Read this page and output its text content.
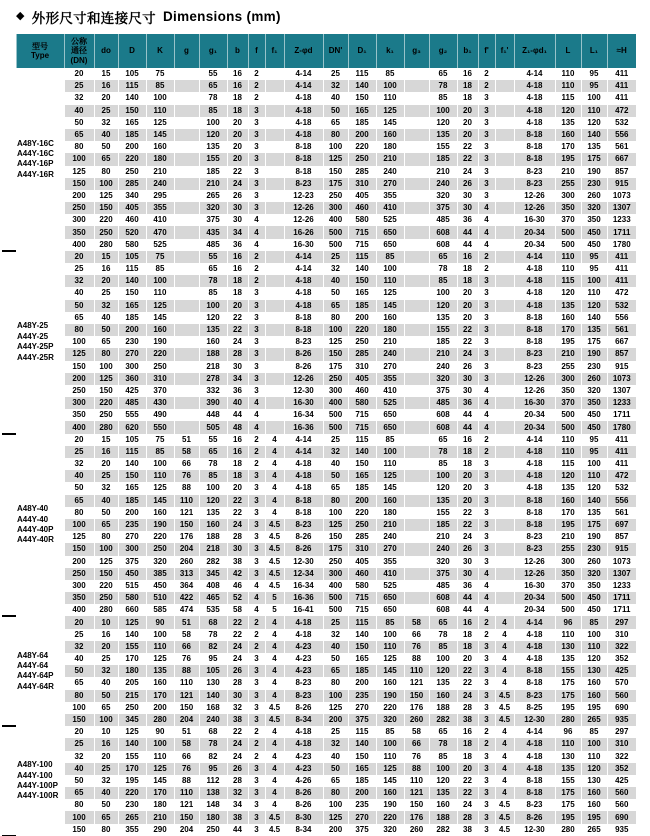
◆ 外形尺寸和连接尺寸 Dimensions (mm)

型号
Type

公称
通径
(DN)

do	D	K	g	g₁	b	f	f₁	Z-φd	DN'	D₁	k₁	g₃	g₂	b₁	f'	f₁'	Z₁-φd₁	L	L₁	≈H

	A48Y-16C
A44Y-16C
A44Y-16P
A44Y-16R	20	15	105	75		55	16	2		4-14	25	115	85		65	16	2		4-14	110	95	411
		25	16	115	85		65	16	2		4-14	32	140	100		78	18	2		4-18	110	95	411
		32	20	140	100		78	18	2		4-18	40	150	110		85	18	3		4-18	115	100	411
		40	25	150	110		85	18	3		4-18	50	165	125		100	20	3		4-18	120	110	472
		50	32	165	125		100	20	3		4-18	65	185	145		120	20	3		4-18	135	120	532
		65	40	185	145		120	20	3		4-18	80	200	160		135	20	3		8-18	160	140	556
		80	50	200	160		135	20	3		8-18	100	220	180		155	22	3		8-18	170	135	561
		100	65	220	180		155	20	3		8-18	125	250	210		185	22	3		8-18	195	175	667
		125	80	250	210		185	22	3		8-18	150	285	240		210	24	3		8-23	210	190	857
		150	100	285	240		210	24	3		8-23	175	310	270		240	26	3		8-23	255	230	915
		200	125	340	295		265	26	3		12-23	250	405	355		320	30	3		12-26	300	260	1073
		250	150	405	355		320	30	3		12-26	300	460	410		375	30	4		12-26	350	320	1307
		300	220	460	410		375	30	4		12-26	400	580	525		485	36	4		16-30	370	350	1233
		350	250	520	470		435	34	4		16-26	500	715	650		608	44	4		20-34	500	450	1711
		400	280	580	525		485	36	4		16-30	500	715	650		608	44	4		20-34	500	450	1780

	A48Y-25
A44Y-25
A44Y-25P
A44Y-25R	20	15	105	75		55	16	2		4-14	25	115	85		65	16	2		4-14	110	95	411
		25	16	115	85		65	16	2		4-14	32	140	100		78	18	2		4-18	110	95	411
		32	20	140	100		78	18	2		4-18	40	150	110		85	18	3		4-18	115	100	411
		40	25	150	110		85	18	3		4-18	50	165	125		100	20	3		4-18	120	110	472
		50	32	165	125		100	20	3		4-18	65	185	145		120	20	3		4-18	135	120	532
		65	40	185	145		120	22	3		8-18	80	200	160		135	20	3		8-18	160	140	556
		80	50	200	160		135	22	3		8-18	100	220	180		155	22	3		8-18	170	135	561
		100	65	230	190		160	24	3		8-23	125	250	210		185	22	3		8-18	195	175	667
		125	80	270	220		188	28	3		8-26	150	285	240		210	24	3		8-23	210	190	857
		150	100	300	250		218	30	3		8-26	175	310	270		240	26	3		8-23	255	230	915
		200	125	360	310		278	34	3		12-26	250	405	355		320	30	3		12-26	300	260	1073
		250	150	425	370		332	36	3		12-30	300	460	410		375	30	4		12-26	350	320	1307
		300	220	485	430		390	40	4		16-30	400	580	525		485	36	4		16-30	370	350	1233
		350	250	555	490		448	44	4		16-34	500	715	650		608	44	4		20-34	500	450	1711
		400	280	620	550		505	48	4		16-36	500	715	650		608	44	4		20-34	500	450	1780

	A48Y-40
A44Y-40
A44Y-40P
A44Y-40R	20	15	105	75	51	55	16	2	4	4-14	25	115	85		65	16	2		4-14	110	95	411
		25	16	115	85	58	65	16	2	4	4-14	32	140	100		78	18	2		4-18	110	95	411
		32	20	140	100	66	78	18	2	4	4-18	40	150	110		85	18	3		4-18	115	100	411
		40	25	150	110	76	85	18	3	4	4-18	50	165	125		100	20	3		4-18	120	110	472
		50	32	165	125	88	100	20	3	4	4-18	65	185	145		120	20	3		4-18	135	120	532
		65	40	185	145	110	120	22	3	4	8-18	80	200	160		135	20	3		8-18	160	140	556
		80	50	200	160	121	135	22	3	4	8-18	100	220	180		155	22	3		8-18	170	135	561
		100	65	235	190	150	160	24	3	4.5	8-23	125	250	210		185	22	3		8-18	195	175	697
		125	80	270	220	176	188	28	3	4.5	8-26	150	285	240		210	24	3		8-23	210	190	857
		150	100	300	250	204	218	30	3	4.5	8-26	175	310	270		240	26	3		8-23	255	230	915
		200	125	375	320	260	282	38	3	4.5	12-30	250	405	355		320	30	3		12-26	300	260	1073
		250	150	450	385	313	345	42	3	4.5	12-34	300	460	410		375	30	4		12-26	350	320	1307
		300	220	515	450	364	408	46	4	4.5	16-34	400	580	525		485	36	4		16-30	370	350	1233
		350	250	580	510	422	465	52	4	5	16-36	500	715	650		608	44	4		20-34	500	450	1711
		400	280	660	585	474	535	58	4	5	16-41	500	715	650		608	44	4		20-34	500	450	1711

	A48Y-64
A44Y-64
A44Y-64P
A44Y-64R	20	10	125	90	51	68	22	2	4	4-18	25	115	85	58	65	16	2	4	4-14	96	85	297
		25	16	140	100	58	78	22	2	4	4-18	32	140	100	66	78	18	2	4	4-18	110	100	310
		32	20	155	110	66	82	24	2	4	4-23	40	150	110	76	85	18	3	4	4-18	130	110	322
		40	25	170	125	76	95	24	3	4	4-23	50	165	125	88	100	20	3	4	4-18	135	120	352
		50	32	180	135	88	105	26	3	4	4-23	65	185	145	110	120	22	3	4	8-18	155	130	425
		65	40	205	160	110	130	28	3	4	8-23	80	200	160	121	135	22	3	4	8-18	175	160	570
		80	50	215	170	121	140	30	3	4	8-23	100	235	190	150	160	24	3	4.5	8-23	175	160	560
		100	65	250	200	150	168	32	3	4.5	8-26	125	270	220	176	188	28	3	4.5	8-25	195	195	690
		150	100	345	280	204	240	38	3	4.5	8-34	200	375	320	260	282	38	3	4.5	12-30	280	265	935

	A48Y-100
A44Y-100
A44Y-100P
A44Y-100R	20	10	125	90	51	68	22	2	4	4-18	25	115	85	58	65	16	2	4	4-14	96	85	297
		25	16	140	100	58	78	24	2	4	4-18	32	140	100	66	78	18	2	4	4-18	110	100	310
		32	20	155	110	66	82	24	2	4	4-23	40	150	110	76	85	18	3	4	4-18	130	110	322
		40	25	170	125	76	95	26	3	4	4-23	50	165	125	88	100	20	3	4	4-18	135	120	352
		50	32	195	145	88	112	28	3	4	4-26	65	185	145	110	120	22	3	4	8-18	155	130	425
		65	40	220	170	110	138	32	3	4	8-26	80	200	160	121	135	22	3	4	8-18	175	160	560
		80	50	230	180	121	148	34	3	4	8-26	100	235	190	150	160	24	3	4.5	8-23	175	160	560
		100	65	265	210	150	180	38	3	4.5	8-30	125	270	220	176	188	28	3	4.5	8-26	195	195	690
		150	80	355	290	204	250	44	3	4.5	8-34	200	375	320	260	282	38	3	4.5	12-30	280	265	935
